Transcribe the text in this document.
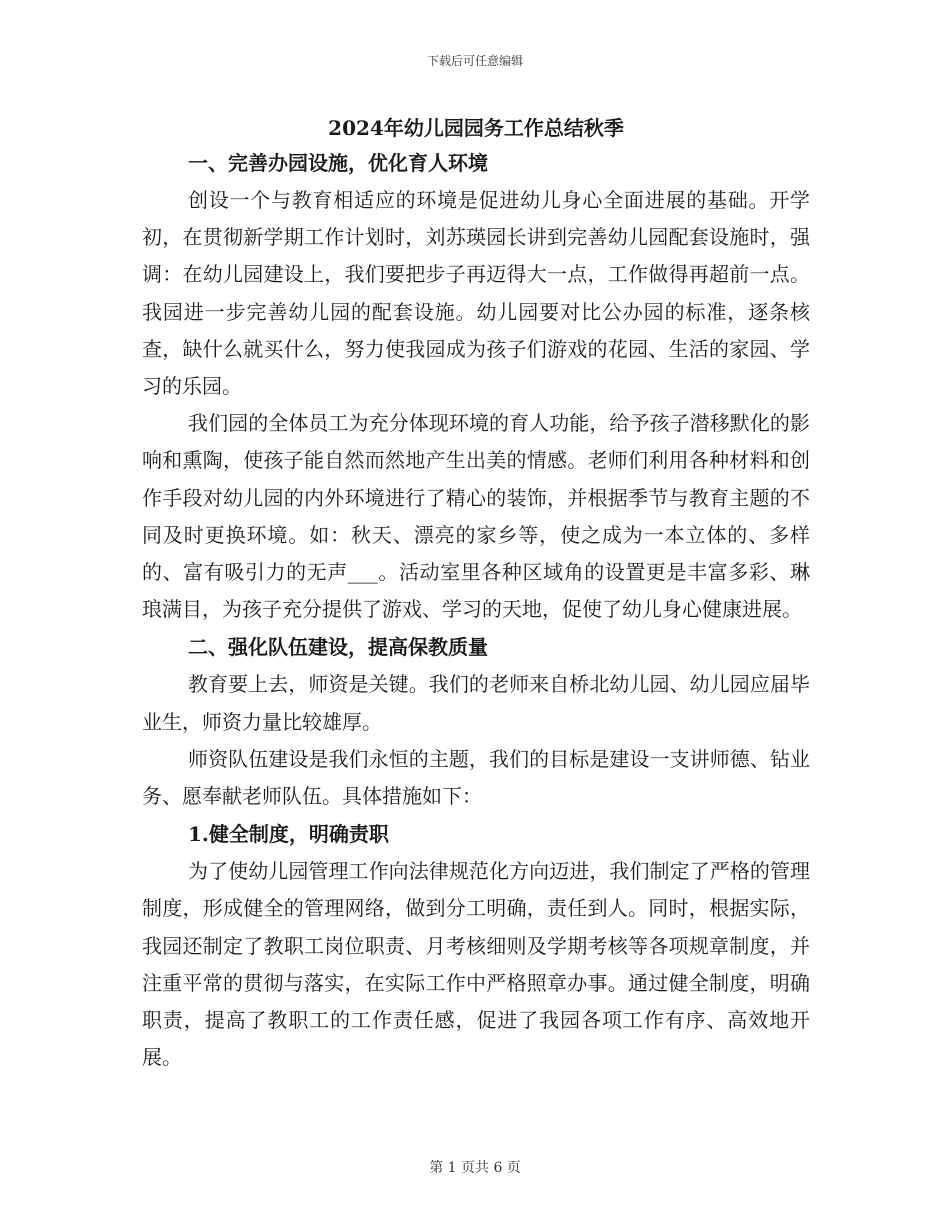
下载后可任意编辑
2024年幼儿园园务工作总结秋季
一、完善办园设施，优化育人环境

创设一个与教育相适应的环境是促进幼儿身心全面进展的基础。开学初，在贯彻新学期工作计划时，刘苏瑛园长讲到完善幼儿园配套设施时，强调：在幼儿园建设上，我们要把步子再迈得大一点，工作做得再超前一点。我园进一步完善幼儿园的配套设施。幼儿园要对比公办园的标准，逐条核查，缺什么就买什么，努力使我园成为孩子们游戏的花园、生活的家园、学习的乐园。

我们园的全体员工为充分体现环境的育人功能，给予孩子潜移默化的影响和熏陶，使孩子能自然而然地产生出美的情感。老师们利用各种材料和创作手段对幼儿园的内外环境进行了精心的装饰，并根据季节与教育主题的不同及时更换环境。如：秋天、漂亮的家乡等，使之成为一本立体的、多样的、富有吸引力的无声___。活动室里各种区域角的设置更是丰富多彩、琳琅满目，为孩子充分提供了游戏、学习的天地，促使了幼儿身心健康进展。

二、强化队伍建设，提高保教质量

教育要上去，师资是关键。我们的老师来自桥北幼儿园、幼儿园应届毕业生，师资力量比较雄厚。

师资队伍建设是我们永恒的主题，我们的目标是建设一支讲师德、钻业务、愿奉献老师队伍。具体措施如下：

1.健全制度，明确责职

为了使幼儿园管理工作向法律规范化方向迈进，我们制定了严格的管理制度，形成健全的管理网络，做到分工明确，责任到人。同时，根据实际，我园还制定了教职工岗位职责、月考核细则及学期考核等各项规章制度，并注重平常的贯彻与落实，在实际工作中严格照章办事。通过健全制度，明确职责，提高了教职工的工作责任感，促进了我园各项工作有序、高效地开展。

第 1 页共 6 页
